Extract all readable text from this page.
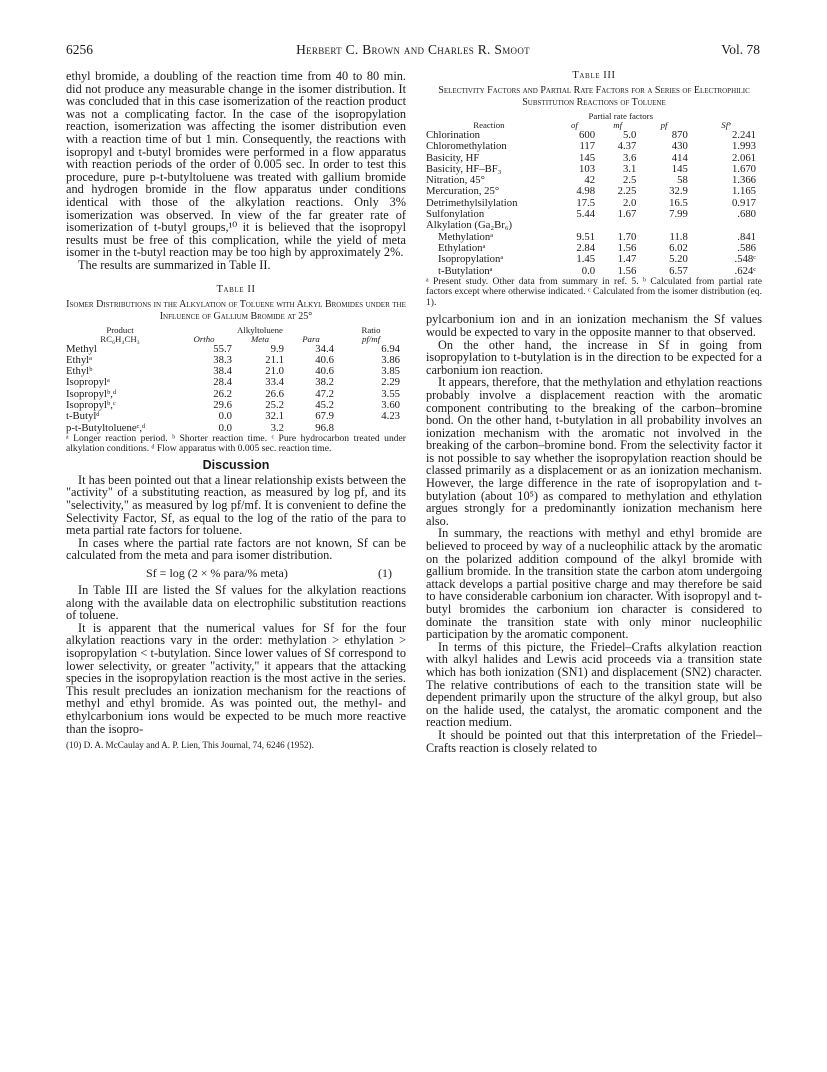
6256	Herbert C. Brown and Charles R. Smoot	Vol. 78

ethyl bromide, a doubling of the reaction time from 40 to 80 min. did not produce any measurable change in the isomer distribution. It was concluded that in this case isomerization of the reaction product was not a complicating factor. In the case of the isopropylation reaction, isomerization was affecting the isomer distribution even with a reaction time of but 1 min. Consequently, the reactions with isopropyl and t-butyl bromides were performed in a flow apparatus with reaction periods of the order of 0.005 sec. In order to test this procedure, pure p-t-butyltoluene was treated with gallium bromide and hydrogen bromide in the flow apparatus under conditions identical with those of the alkylation reactions. Only 3% isomerization was observed. In view of the far greater rate of isomerization of t-butyl groups,¹⁰ it is believed that the isopropyl results must be free of this complication, while the yield of meta isomer in the t-butyl reaction may be too high by approximately 2%.

The results are summarized in Table II.

Table II

Isomer Distributions in the Alkylation of Toluene with Alkyl Bromides under the Influence of Gallium Bromide at 25°

Product		Alkyltoluene		Ratio
RC₆H₄CH₃	Ortho	Meta	Para	pf/mf
Methyl	55.7	9.9	34.4	6.94
Ethylᵃ	38.3	21.1	40.6	3.86
Ethylᵇ	38.4	21.0	40.6	3.85
Isopropylᵃ	28.4	33.4	38.2	2.29
Isopropylᵇ,ᵈ	26.2	26.6	47.2	3.55
Isopropylᵇ,ᶜ	29.6	25.2	45.2	3.60
t-Butylᵈ	0.0	32.1	67.9	4.23
p-t-Butyltolueneᶜ,ᵈ	0.0	3.2	96.8	

ᵃ Longer reaction period. ᵇ Shorter reaction time. ᶜ Pure hydrocarbon treated under alkylation conditions. ᵈ Flow apparatus with 0.005 sec. reaction time.

Discussion

It has been pointed out that a linear relationship exists between the "activity" of a substituting reaction, as measured by log pf, and its "selectivity," as measured by log pf/mf. It is convenient to define the Selectivity Factor, Sf, as equal to the log of the ratio of the para to meta partial rate factors for toluene.

In cases where the partial rate factors are not known, Sf can be calculated from the meta and para isomer distribution.

Sf = log (2 × % para/% meta)	(1)

In Table III are listed the Sf values for the alkylation reactions along with the available data on electrophilic substitution reactions of toluene.

It is apparent that the numerical values for Sf for the four alkylation reactions vary in the order: methylation > ethylation > isopropylation < t-butylation. Since lower values of Sf correspond to lower selectivity, or greater "activity," it appears that the attacking species in the isopropylation reaction is the most active in the series. This result precludes an ionization mechanism for the reactions of methyl and ethyl bromide. As was pointed out, the methyl- and ethylcarbonium ions would be expected to be much more reactive than the isopro-

(10) D. A. McCaulay and A. P. Lien, This Journal, 74, 6246 (1952).

Table III

Selectivity Factors and Partial Rate Factors for a Series of Electrophilic Substitution Reactions of Toluene

	Partial rate factors			
Reaction	of	mf	pf	Sfᵇ
Chlorination	600	5.0	870	2.241
Chloromethylation	117	4.37	430	1.993
Basicity, HF	145	3.6	414	2.061
Basicity, HF–BF₃	103	3.1	145	1.670
Nitration, 45°	42	2.5	58	1.366
Mercuration, 25°	4.98	2.25	32.9	1.165
Detrimethylsilylation	17.5	2.0	16.5	0.917
Sulfonylation	5.44	1.67	7.99	.680
Alkylation (Ga₂Br₆)				
Methylationᵃ	9.51	1.70	11.8	.841
Ethylationᵃ	2.84	1.56	6.02	.586
Isopropylationᵃ	1.45	1.47	5.20	.548ᶜ
t-Butylationᵃ	0.0	1.56	6.57	.624ᶜ

ᵃ Present study. Other data from summary in ref. 5. ᵇ Calculated from partial rate factors except where otherwise indicated. ᶜ Calculated from the isomer distribution (eq. 1).

pylcarbonium ion and in an ionization mechanism the Sf values would be expected to vary in the opposite manner to that observed.

On the other hand, the increase in Sf in going from isopropylation to t-butylation is in the direction to be expected for a carbonium ion reaction.

It appears, therefore, that the methylation and ethylation reactions probably involve a displacement reaction with the aromatic component contributing to the breaking of the carbon–bromine bond. On the other hand, t-butylation in all probability involves an ionization mechanism with the aromatic not involved in the breaking of the carbon–bromine bond. From the selectivity factor it is not possible to say whether the isopropylation reaction should be classed primarily as a displacement or as an ionization mechanism. However, the large difference in the rate of isopropylation and t-butylation (about 10⁵) as compared to methylation and ethylation argues strongly for a predominantly ionization mechanism here also.

In summary, the reactions with methyl and ethyl bromide are believed to proceed by way of a nucleophilic attack by the aromatic on the polarized addition compound of the alkyl bromide with gallium bromide. In the transition state the carbon atom undergoing attack develops a partial positive charge and may therefore be said to have considerable carbonium ion character. With isopropyl and t-butyl bromides the carbonium ion character is considered to dominate the transition state with only minor nucleophilic participation by the aromatic component.

In terms of this picture, the Friedel–Crafts alkylation reaction with alkyl halides and Lewis acid proceeds via a transition state which has both ionization (SN1) and displacement (SN2) character. The relative contributions of each to the transition state will be dependent primarily upon the structure of the alkyl group, but also on the halide used, the catalyst, the aromatic component and the reaction medium.

It should be pointed out that this interpretation of the Friedel–Crafts reaction is closely related to
